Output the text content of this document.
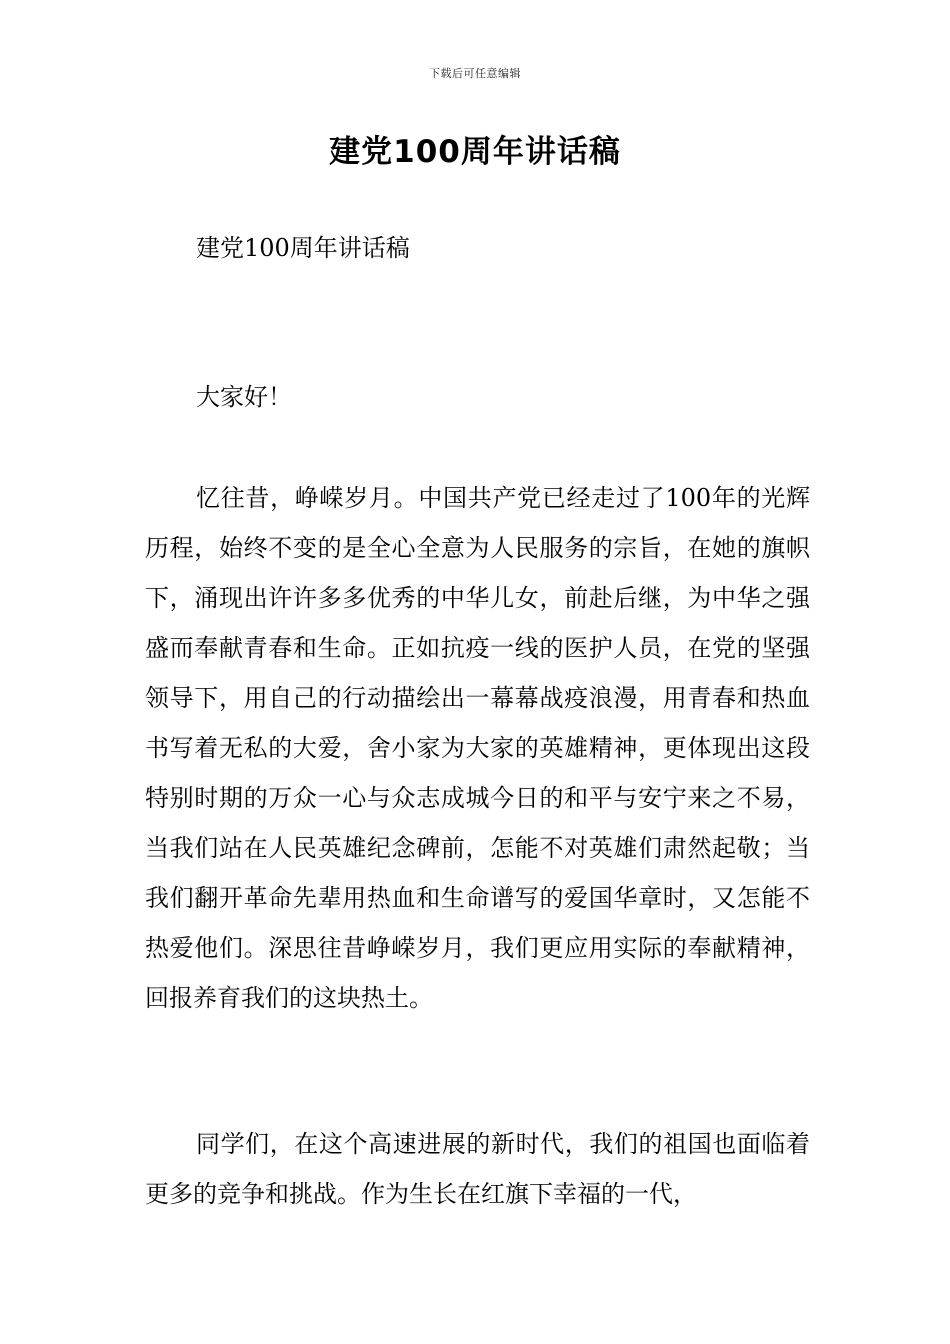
下载后可任意编辑
建党100周年讲话稿
建党100周年讲话稿
大家好！

忆往昔，峥嵘岁月。中国共产党已经走过了100年的光辉历程，始终不变的是全心全意为人民服务的宗旨，在她的旗帜下，涌现出许许多多优秀的中华儿女，前赴后继，为中华之强盛而奉献青春和生命。正如抗疫一线的医护人员，在党的坚强领导下，用自己的行动描绘出一幕幕战疫浪漫，用青春和热血书写着无私的大爱，舍小家为大家的英雄精神，更体现出这段特别时期的万众一心与众志成城今日的和平与安宁来之不易，当我们站在人民英雄纪念碑前，怎能不对英雄们肃然起敬；当我们翻开革命先辈用热血和生命谱写的爱国华章时，又怎能不热爱他们。深思往昔峥嵘岁月，我们更应用实际的奉献精神，回报养育我们的这块热土。

同学们，在这个高速进展的新时代，我们的祖国也面临着更多的竞争和挑战。作为生长在红旗下幸福的一代，
